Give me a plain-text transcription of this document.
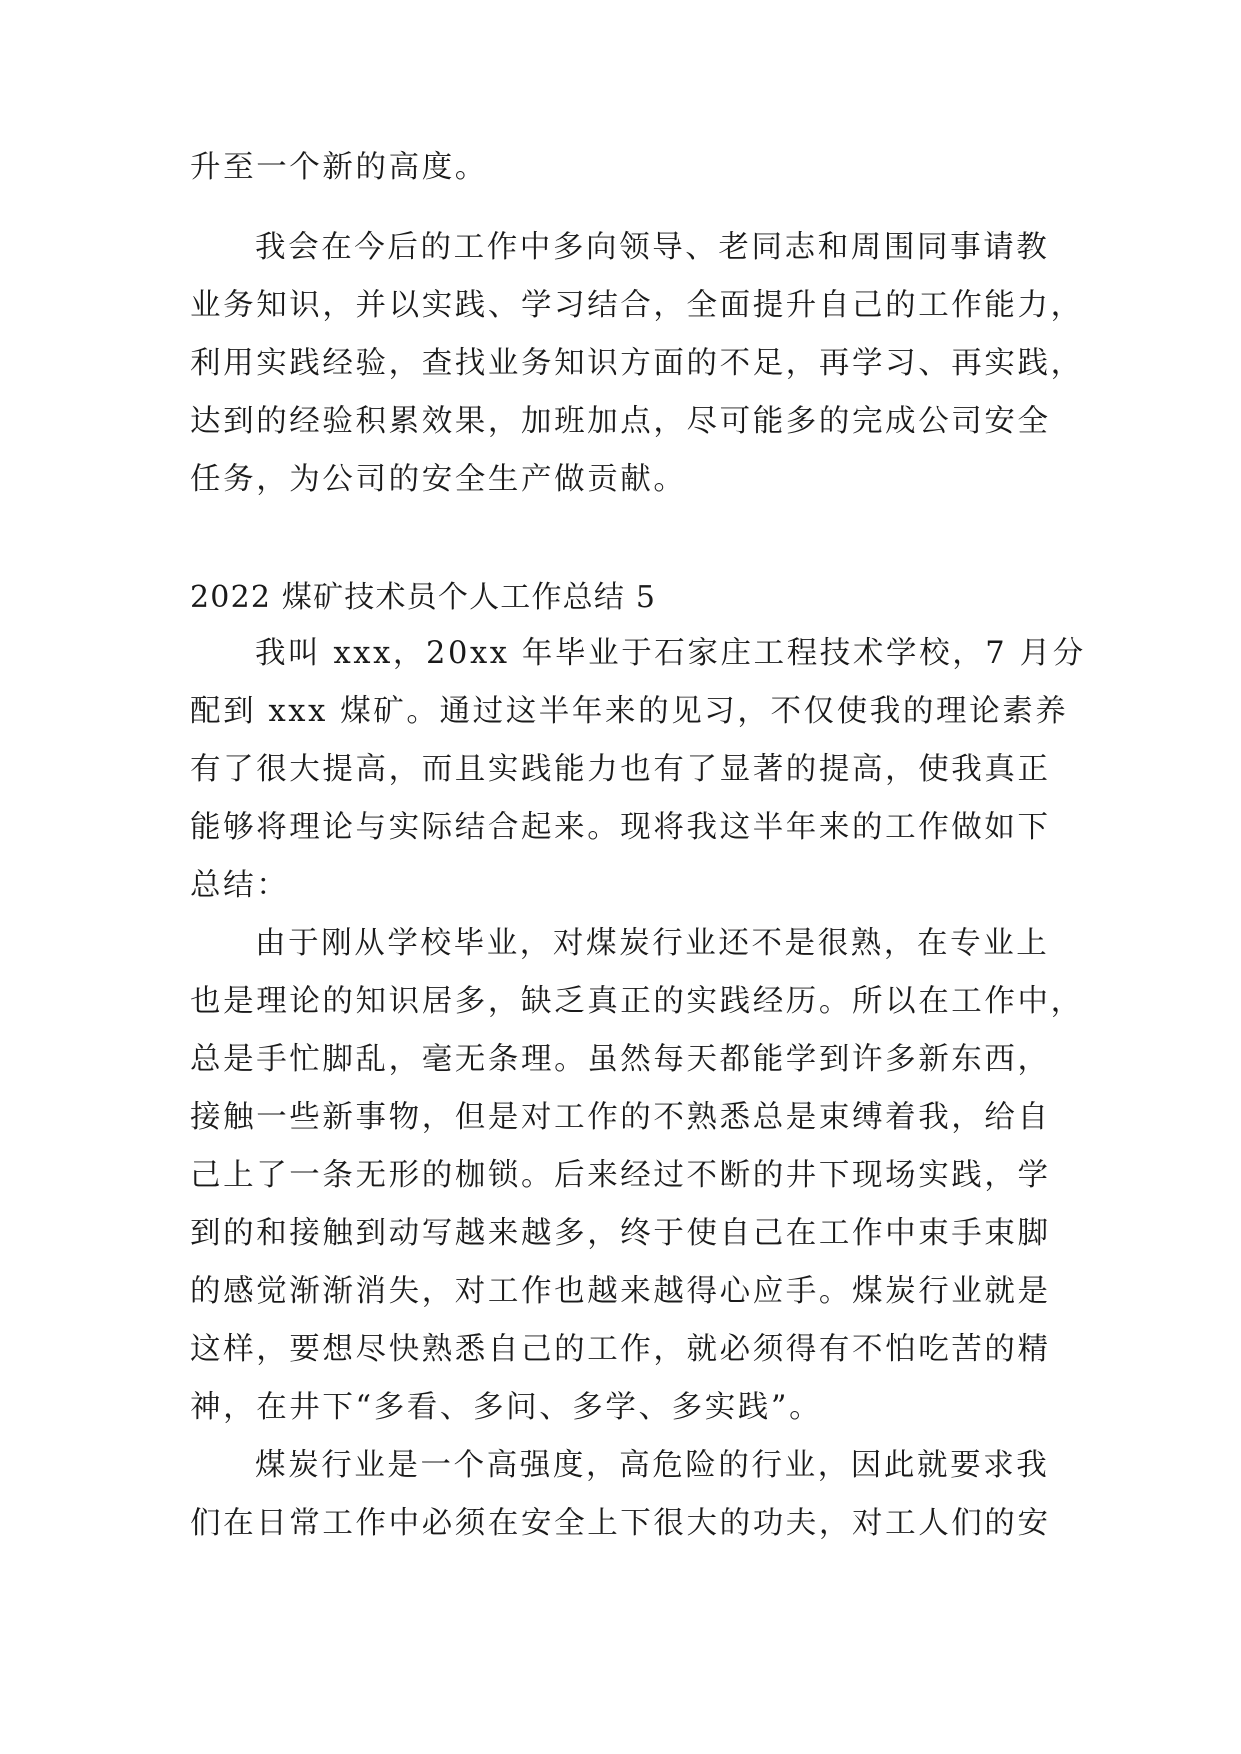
升至一个新的高度。
我会在今后的工作中多向领导、老同志和周围同事请教
业务知识，并以实践、学习结合，全面提升自己的工作能力，
利用实践经验，查找业务知识方面的不足，再学习、再实践，
达到的经验积累效果，加班加点，尽可能多的完成公司安全
任务，为公司的安全生产做贡献。
2022 煤矿技术员个人工作总结 5
我叫 xxx，20xx 年毕业于石家庄工程技术学校，7 月分
配到 xxx 煤矿。通过这半年来的见习，不仅使我的理论素养
有了很大提高，而且实践能力也有了显著的提高，使我真正
能够将理论与实际结合起来。现将我这半年来的工作做如下
总结：
由于刚从学校毕业，对煤炭行业还不是很熟，在专业上
也是理论的知识居多，缺乏真正的实践经历。所以在工作中，
总是手忙脚乱，毫无条理。虽然每天都能学到许多新东西，
接触一些新事物，但是对工作的不熟悉总是束缚着我，给自
己上了一条无形的枷锁。后来经过不断的井下现场实践，学
到的和接触到动写越来越多，终于使自己在工作中束手束脚
的感觉渐渐消失，对工作也越来越得心应手。煤炭行业就是
这样，要想尽快熟悉自己的工作，就必须得有不怕吃苦的精
神，在井下“多看、多问、多学、多实践”。
煤炭行业是一个高强度，高危险的行业，因此就要求我
们在日常工作中必须在安全上下很大的功夫，对工人们的安
